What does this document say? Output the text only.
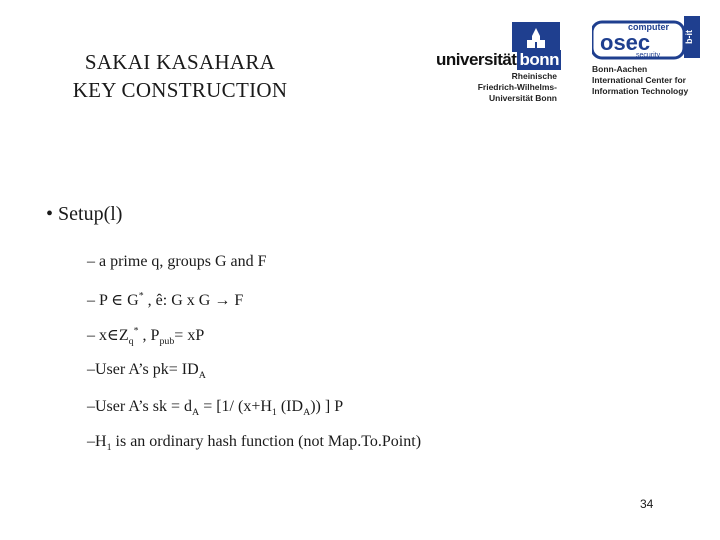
SAKAI KASAHARA
KEY CONSTRUCTION
universität bonn
Rheinische
Friedrich-Wilhelms-
Universität Bonn
computer
osec
security
b-it
Bonn-Aachen
International Center for
Information Technology
• Setup(l)
– a prime q, groups G and F
– P ∈ G* , ê: G x G → F
– $x\in Z_q^*$ , $P_{pub}=$ xP
–User A’s $pk= ID_A$
–User A’s sk = $d_A = [1/$ ($x+H_1$ $(ID_A)$) ] P
$-H_1$ is an ordinary hash function (not Map.To.Point)
34
